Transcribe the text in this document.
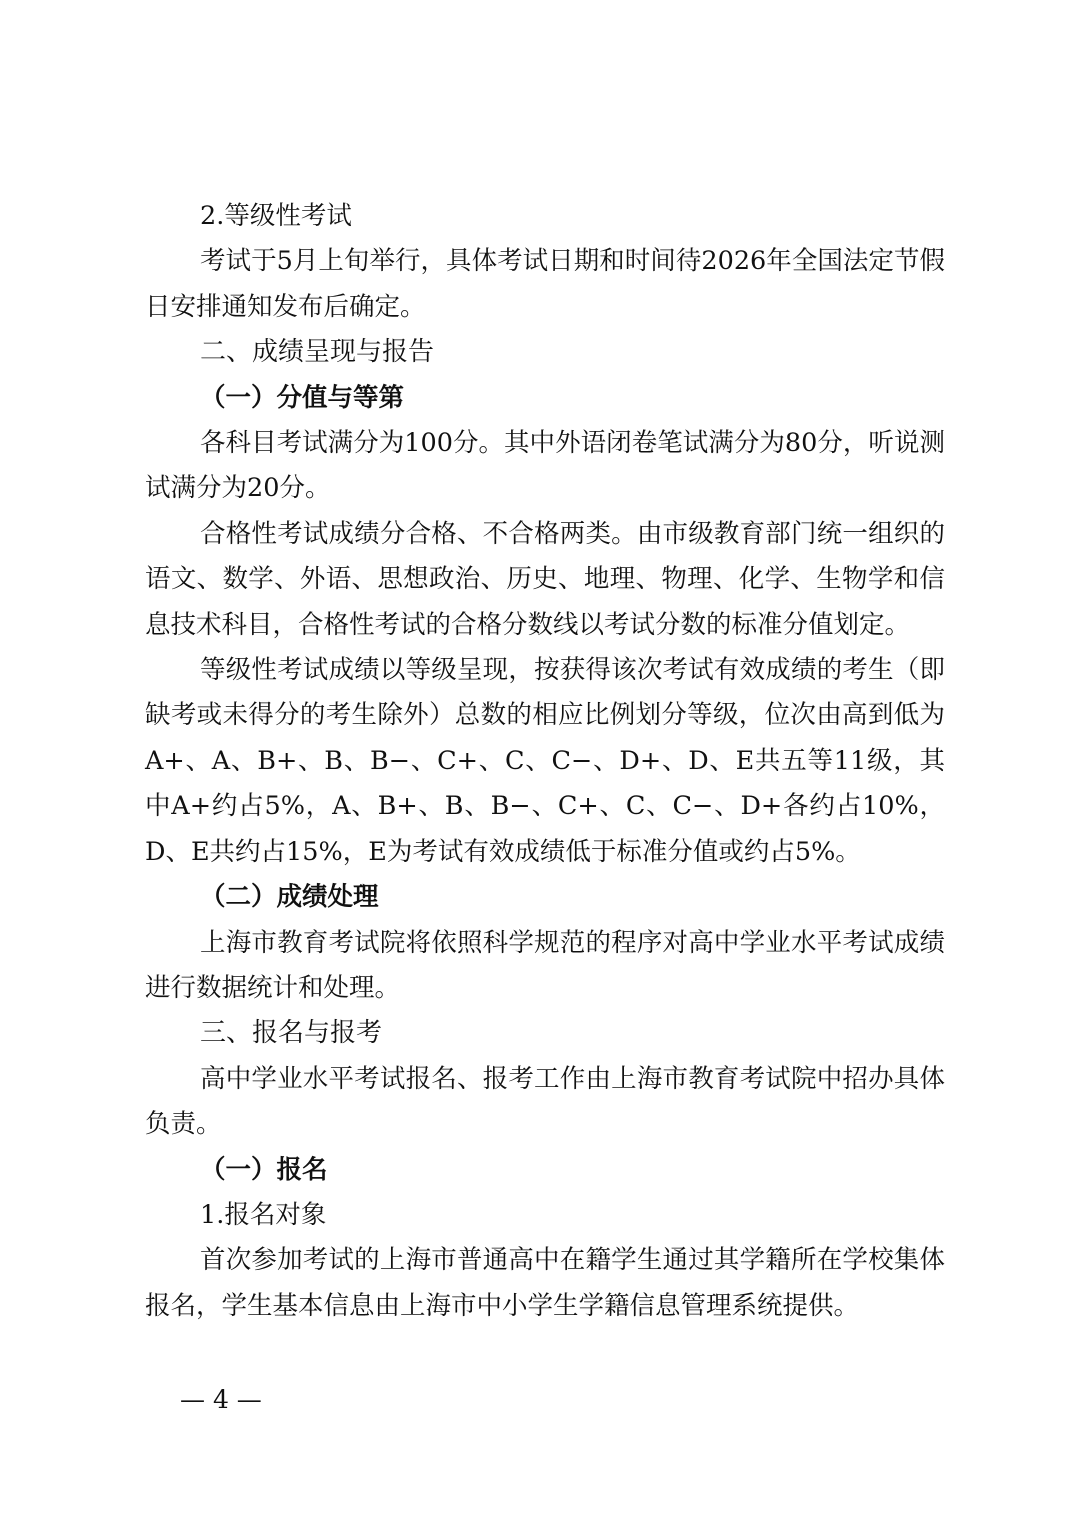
2.等级性考试

考试于5月上旬举行，具体考试日期和时间待2026年全国法定节假日安排通知发布后确定。

二、成绩呈现与报告

（一）分值与等第

各科目考试满分为100分。其中外语闭卷笔试满分为80分，听说测试满分为20分。

合格性考试成绩分合格、不合格两类。由市级教育部门统一组织的语文、数学、外语、思想政治、历史、地理、物理、化学、生物学和信息技术科目，合格性考试的合格分数线以考试分数的标准分值划定。

等级性考试成绩以等级呈现，按获得该次考试有效成绩的考生（即缺考或未得分的考生除外）总数的相应比例划分等级，位次由高到低为A+、A、B+、B、B−、C+、C、C−、D+、D、E共五等11级，其中A+约占5%，A、B+、B、B−、C+、C、C−、D+各约占10%，D、E共约占15%，E为考试有效成绩低于标准分值或约占5%。

（二）成绩处理

上海市教育考试院将依照科学规范的程序对高中学业水平考试成绩进行数据统计和处理。

三、报名与报考

高中学业水平考试报名、报考工作由上海市教育考试院中招办具体负责。

（一）报名

1.报名对象

首次参加考试的上海市普通高中在籍学生通过其学籍所在学校集体报名，学生基本信息由上海市中小学生学籍信息管理系统提供。

— 4 —
